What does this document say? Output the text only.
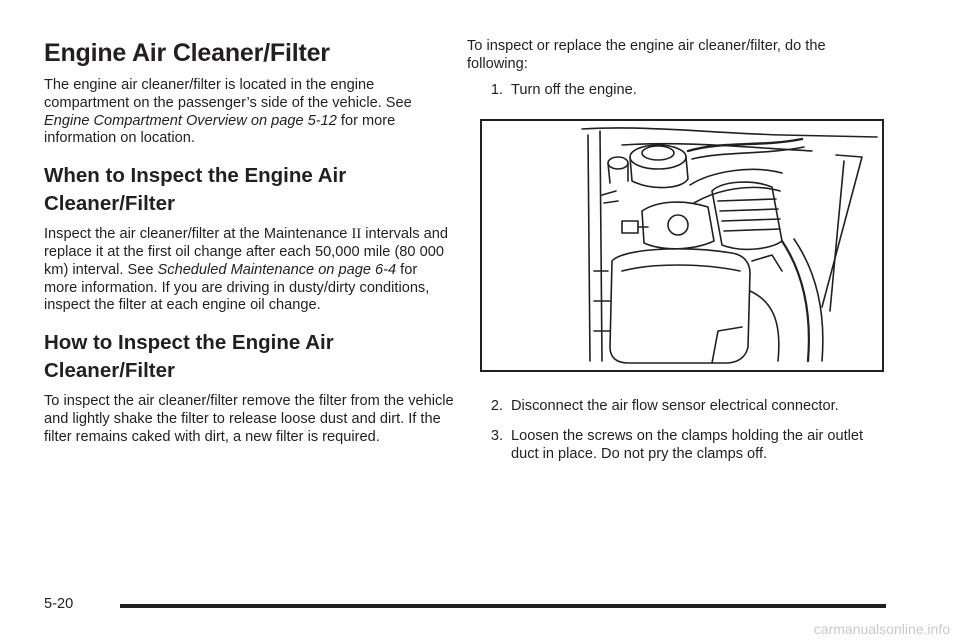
Engine Air Cleaner/Filter

The engine air cleaner/filter is located in the engine compartment on the passenger’s side of the vehicle. See Engine Compartment Overview on page 5-12 for more information on location.

When to Inspect the Engine Air
Cleaner/Filter

Inspect the air cleaner/filter at the Maintenance II intervals and replace it at the first oil change after each 50,000 mile (80 000 km) interval. See Scheduled Maintenance on page 6-4 for more information. If you are driving in dusty/dirty conditions, inspect the filter at each engine oil change.

How to Inspect the Engine Air
Cleaner/Filter

To inspect the air cleaner/filter remove the filter from the vehicle and lightly shake the filter to release loose dust and dirt. If the filter remains caked with dirt, a new filter is required.

To inspect or replace the engine air cleaner/filter, do the following:

1. Turn off the engine.
2. Disconnect the air flow sensor electrical connector.
3. Loosen the screws on the clamps holding the air outlet duct in place. Do not pry the clamps off.
5-20
carmanualsonline.info
